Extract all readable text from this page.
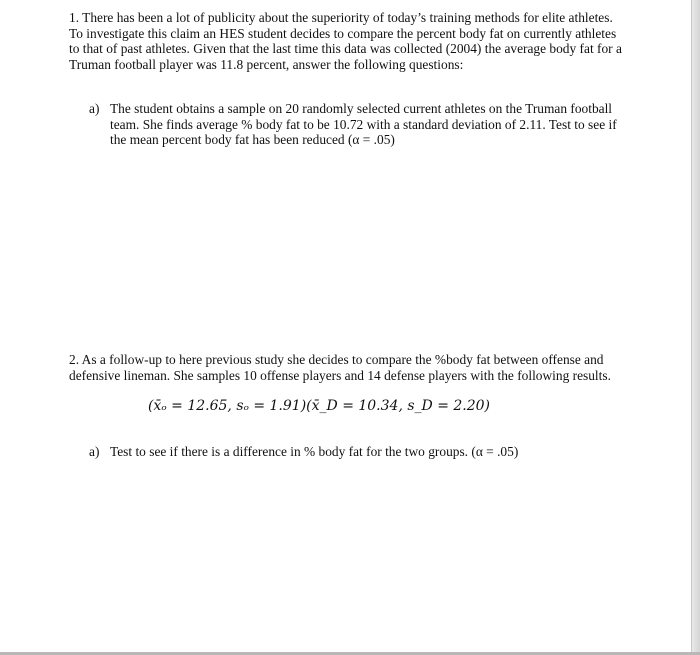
1. There has been a lot of publicity about the superiority of today’s training methods for elite athletes.
To investigate this claim an HES student decides to compare the percent body fat on currently athletes
to that of past athletes. Given that the last time this data was collected (2004) the average body fat for a
Truman football player was 11.8 percent, answer the following questions:
a) The student obtains a sample on 20 randomly selected current athletes on the Truman football
team. She finds average % body fat to be 10.72 with a standard deviation of 2.11. Test to see if
the mean percent body fat has been reduced (α = .05)
2. As a follow-up to here previous study she decides to compare the %body fat between offense and
defensive lineman. She samples 10 offense players and 14 defense players with the following results.
(x̄ₒ = 12.65, sₒ = 1.91)(x̄_D = 10.34, s_D = 2.20)
a) Test to see if there is a difference in % body fat for the two groups. (α = .05)
